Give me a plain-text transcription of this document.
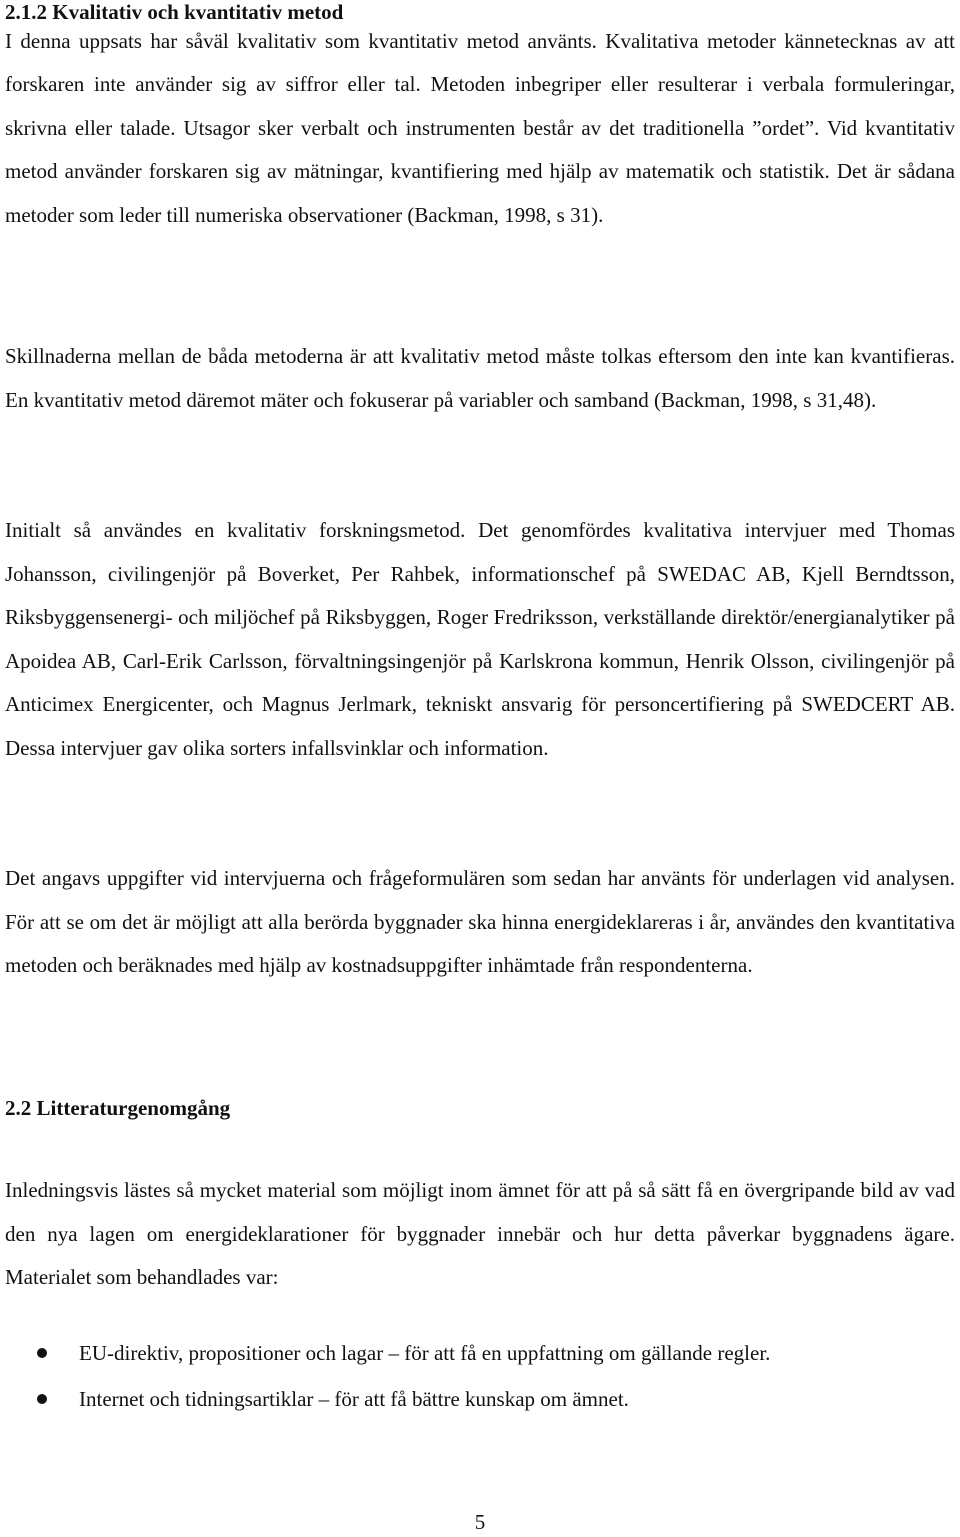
2.1.2 Kvalitativ och kvantitativ metod

I denna uppsats har såväl kvalitativ som kvantitativ metod använts. Kvalitativa metoder kännetecknas av att forskaren inte använder sig av siffror eller tal. Metoden inbegriper eller resulterar i verbala formuleringar, skrivna eller talade. Utsagor sker verbalt och instrumenten består av det traditionella ”ordet”. Vid kvantitativ metod använder forskaren sig av mätningar, kvantifiering med hjälp av matematik och statistik. Det är sådana metoder som leder till numeriska observationer (Backman, 1998, s 31).

Skillnaderna mellan de båda metoderna är att kvalitativ metod måste tolkas eftersom den inte kan kvantifieras. En kvantitativ metod däremot mäter och fokuserar på variabler och samband (Backman, 1998, s 31,48).

Initialt så användes en kvalitativ forskningsmetod. Det genomfördes kvalitativa intervjuer med Thomas Johansson, civilingenjör på Boverket, Per Rahbek, informationschef på SWEDAC AB, Kjell Berndtsson, Riksbyggensenergi- och miljöchef på Riksbyggen, Roger Fredriksson, verkställande direktör/energianalytiker på Apoidea AB, Carl-Erik Carlsson, förvaltningsingenjör på Karlskrona kommun, Henrik Olsson, civilingenjör på Anticimex Energicenter, och Magnus Jerlmark, tekniskt ansvarig för personcertifiering på SWEDCERT AB. Dessa intervjuer gav olika sorters infallsvinklar och information.

Det angavs uppgifter vid intervjuerna och frågeformulären som sedan har använts för underlagen vid analysen. För att se om det är möjligt att alla berörda byggnader ska hinna energideklareras i år, användes den kvantitativa metoden och beräknades med hjälp av kostnadsuppgifter inhämtade från respondenterna.

2.2 Litteraturgenomgång

Inledningsvis lästes så mycket material som möjligt inom ämnet för att på så sätt få en övergripande bild av vad den nya lagen om energideklarationer för byggnader innebär och hur detta påverkar byggnadens ägare. Materialet som behandlades var:

EU-direktiv, propositioner och lagar – för att få en uppfattning om gällande regler.
Internet och tidningsartiklar – för att få bättre kunskap om ämnet.
5
